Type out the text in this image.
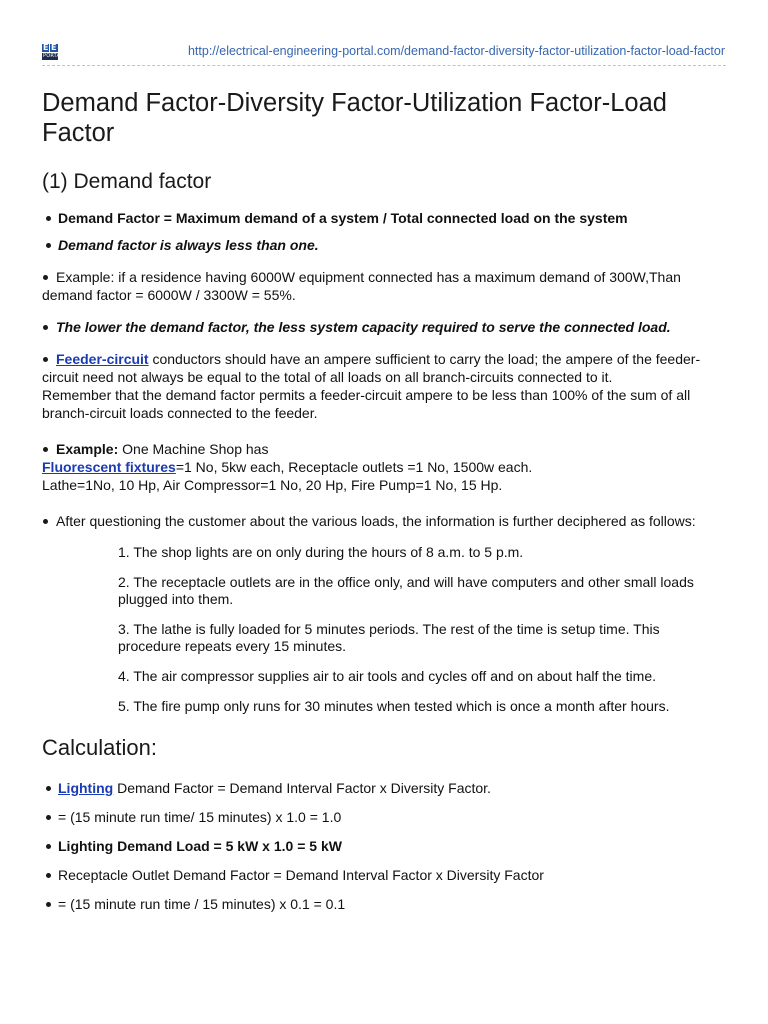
E E
PORTAL	http://electrical-engineering-portal.com/demand-factor-diversity-factor-utilization-factor-load-factor
Demand Factor-Diversity Factor-Utilization Factor-Load Factor
(1) Demand factor
Demand Factor = Maximum demand of a system / Total connected load on the system
Demand factor is always less than one.
Example: if a residence having 6000W equipment connected has a maximum demand of 300W,Than demand factor = 6000W / 3300W = 55%.
The lower the demand factor, the less system capacity required to serve the connected load.
Feeder-circuit conductors should have an ampere sufficient to carry the load; the ampere of the feeder-circuit need not always be equal to the total of all loads on all branch-circuits connected to it.
Remember that the demand factor permits a feeder-circuit ampere to be less than 100% of the sum of all branch-circuit loads connected to the feeder.
Example: One Machine Shop has
Fluorescent fixtures=1 No, 5kw each, Receptacle outlets =1 No, 1500w each.
Lathe=1No, 10 Hp, Air Compressor=1 No, 20 Hp, Fire Pump=1 No, 15 Hp.
After questioning the customer about the various loads, the information is further deciphered as follows:
1. The shop lights are on only during the hours of 8 a.m. to 5 p.m.
2. The receptacle outlets are in the office only, and will have computers and other small loads plugged into them.
3. The lathe is fully loaded for 5 minutes periods. The rest of the time is setup time. This procedure repeats every 15 minutes.
4. The air compressor supplies air to air tools and cycles off and on about half the time.
5. The fire pump only runs for 30 minutes when tested which is once a month after hours.
Calculation:
Lighting Demand Factor = Demand Interval Factor x Diversity Factor.
= (15 minute run time/ 15 minutes) x 1.0 = 1.0
Lighting Demand Load = 5 kW x 1.0 = 5 kW
Receptacle Outlet Demand Factor = Demand Interval Factor x Diversity Factor
= (15 minute run time / 15 minutes) x 0.1 = 0.1
